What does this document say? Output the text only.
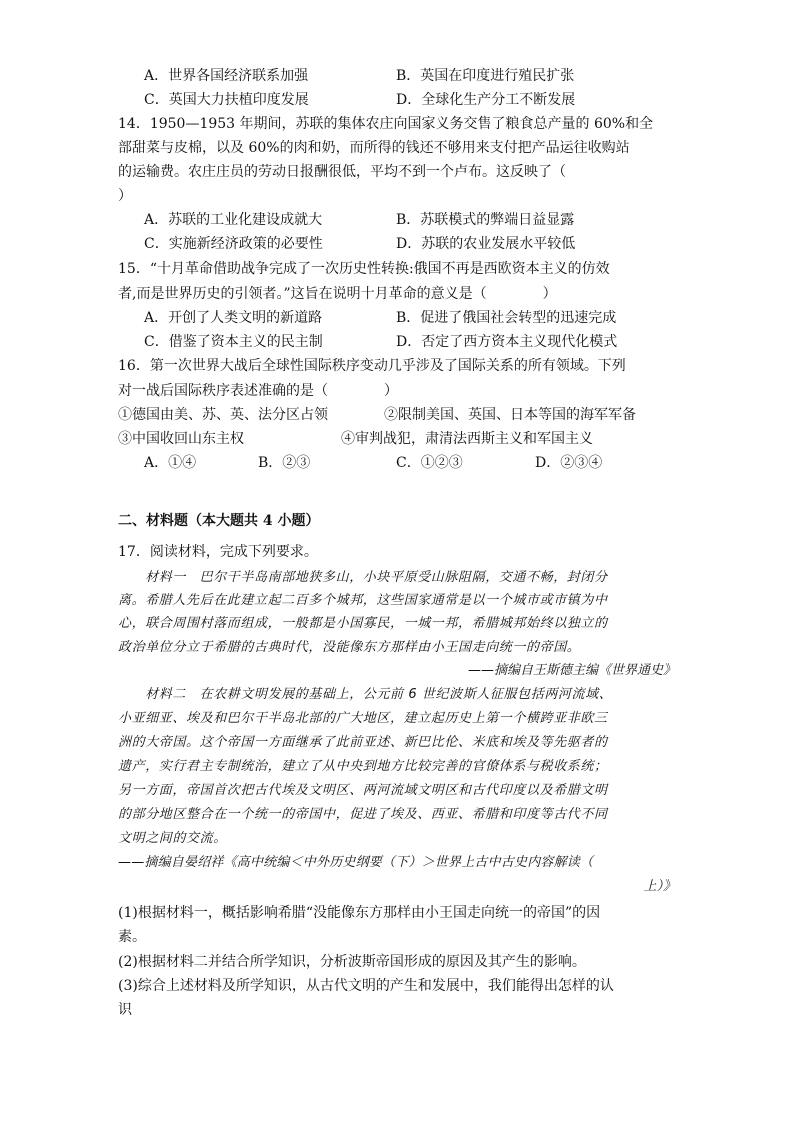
A．世界各国经济联系加强	B．英国在印度进行殖民扩张
C．英国大力扶植印度发展	D．全球化生产分工不断发展
14．1950—1953 年期间，苏联的集体农庄向国家义务交售了粮食总产量的 60%和全
部甜菜与皮棉，以及 60%的肉和奶，而所得的钱还不够用来支付把产品运往收购站
的运输费。农庄庄员的劳动日报酬很低，平均不到一个卢布。这反映了（
）
A．苏联的工业化建设成就大	B．苏联模式的弊端日益显露
C．实施新经济政策的必要性	D．苏联的农业发展水平较低
15．“十月革命借助战争完成了一次历史性转换:俄国不再是西欧资本主义的仿效
者,而是世界历史的引领者。”这旨在说明十月革命的意义是（　　　　）
A．开创了人类文明的新道路	B．促进了俄国社会转型的迅速完成
C．借鉴了资本主义的民主制	D．否定了西方资本主义现代化模式
16．第一次世界大战后全球性国际秩序变动几乎涉及了国际关系的所有领域。下列
对一战后国际秩序表述准确的是（　　　　）
①德国由美、苏、英、法分区占领	②限制美国、英国、日本等国的海军军备
③中国收回山东主权	④审判战犯，肃清法西斯主义和军国主义
A．①④	B．②③	C．①②③	D．②③④
二、材料题（本大题共 4 小题）
17．阅读材料，完成下列要求。
　　材料一　巴尔干半岛南部地狭多山，小块平原受山脉阻隔，交通不畅，封闭分
离。希腊人先后在此建立起二百多个城邦，这些国家通常是以一个城市或市镇为中
心，联合周围村落而组成，一般都是小国寡民，一城一邦，希腊城邦始终以独立的
政治单位分立于希腊的古典时代，没能像东方那样由小王国走向统一的帝国。
——摘编自王斯德主编《世界通史》
　　材料二　在农耕文明发展的基础上，公元前 6 世纪波斯人征服包括两河流域、
小亚细亚、埃及和巴尔干半岛北部的广大地区，建立起历史上第一个横跨亚非欧三
洲的大帝国。这个帝国一方面继承了此前亚述、新巴比伦、米底和埃及等先驱者的
遗产，实行君主专制统治，建立了从中央到地方比较完善的官僚体系与税收系统；
另一方面，帝国首次把古代埃及文明区、两河流域文明区和古代印度以及希腊文明
的部分地区整合在一个统一的帝国中，促进了埃及、西亚、希腊和印度等古代不同
文明之间的交流。
——摘编自晏绍祥《高中统编＜中外历史纲要（下）＞世界上古中古史内容解读（
上）》
(1)根据材料一，概括影响希腊“没能像东方那样由小王国走向统一的帝国”的因
素。
(2)根据材料二并结合所学知识，分析波斯帝国形成的原因及其产生的影响。
(3)综合上述材料及所学知识，从古代文明的产生和发展中，我们能得出怎样的认
识
